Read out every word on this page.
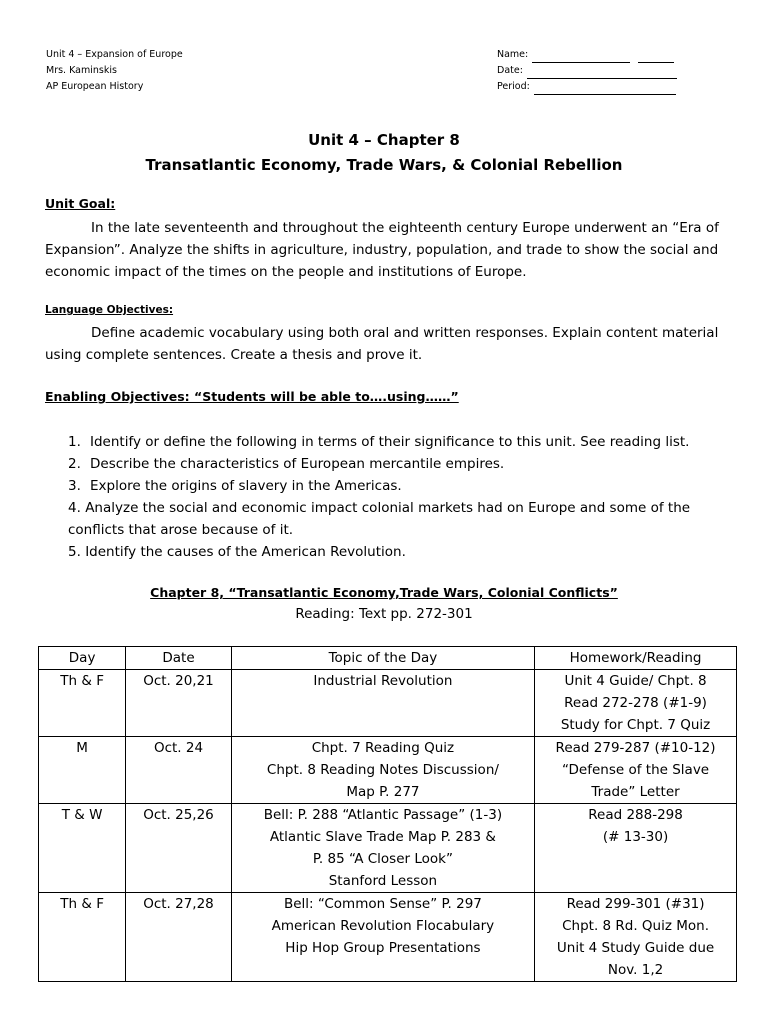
Unit 4 – Expansion of Europe
Mrs. Kaminskis
AP European History
Name:
Date:
Period:
Unit 4 – Chapter 8
Transatlantic Economy, Trade Wars, & Colonial Rebellion
Unit Goal:
In the late seventeenth and throughout the eighteenth century Europe underwent an “Era of Expansion”. Analyze the shifts in agriculture, industry, population, and trade to show the social and economic impact of the times on the people and institutions of Europe.
Language Objectives:
Define academic vocabulary using both oral and written responses. Explain content material using complete sentences. Create a thesis and prove it.
Enabling Objectives: “Students will be able to….using……”
1. Identify or define the following in terms of their significance to this unit. See reading list.
2. Describe the characteristics of European mercantile empires.
3. Explore the origins of slavery in the Americas.
4. Analyze the social and economic impact colonial markets had on Europe and some of the conflicts that arose because of it.
5. Identify the causes of the American Revolution.
Chapter 8, “Transatlantic Economy,Trade Wars, Colonial Conflicts”
Reading: Text pp. 272-301
Day	Date	Topic of the Day	Homework/Reading
Th & F	Oct. 20,21	Industrial Revolution	Unit 4 Guide/ Chpt. 8
Read 272-278 (#1-9)
Study for Chpt. 7 Quiz

M	Oct. 24	Chpt. 7 Reading Quiz
Chpt. 8 Reading Notes Discussion/
Map P. 277	Read 279-287 (#10-12)
“Defense of the Slave
Trade” Letter

T & W	Oct. 25,26	Bell: P. 288 “Atlantic Passage” (1-3)
Atlantic Slave Trade Map P. 283 &
P. 85 “A Closer Look”
Stanford Lesson	Read 288-298
(# 13-30)

Th & F	Oct. 27,28	Bell: “Common Sense” P. 297
American Revolution Flocabulary
Hip Hop Group Presentations	Read 299-301 (#31)
Chpt. 8 Rd. Quiz Mon.
Unit 4 Study Guide due
Nov. 1,2
